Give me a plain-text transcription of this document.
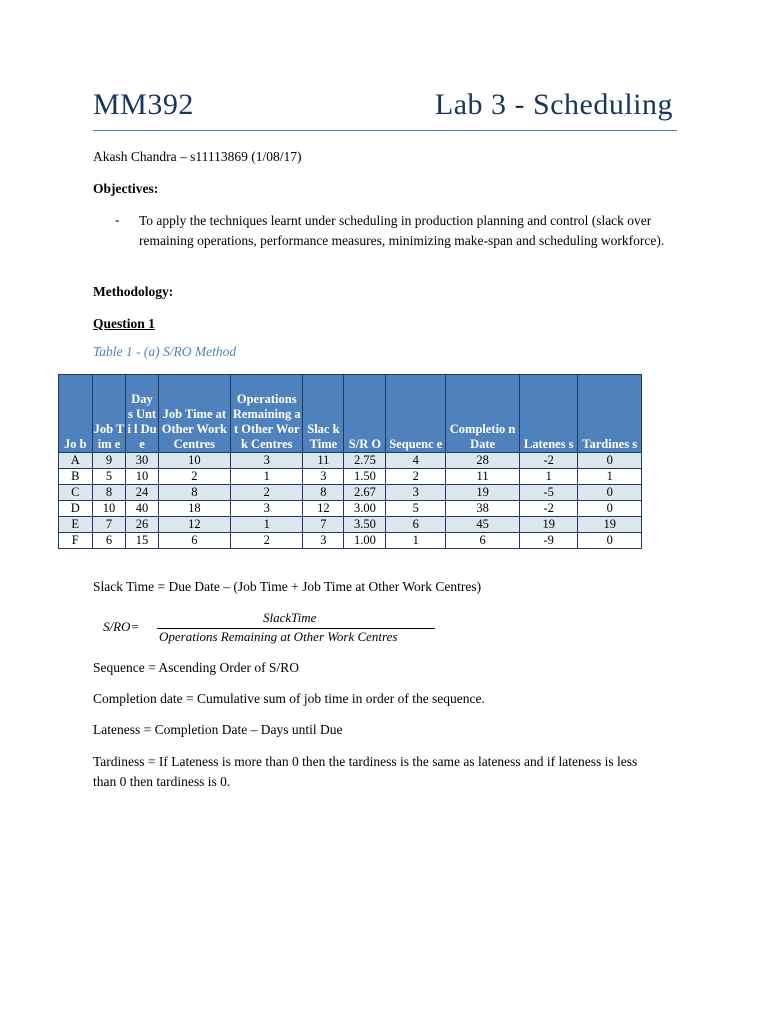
MM392	Lab 3 - Scheduling
Akash Chandra – s11113869 (1/08/17)
Objectives:
- To apply the techniques learnt under scheduling in production planning and control (slack over remaining operations, performance measures, minimizing make-span and scheduling workforce).
Methodology:
Question 1
Table 1 - (a) S/RO Method
Jo b	Job Tim e	Day s Unti l Due	Job Time at Other Work Centres	Operations Remaining at Other Work Centres	Slac k Time	S/R O	Sequenc e	Completio n Date	Latenes s	Tardines s
A	9	30	10	3	11	2.75	4	28	-2	0
B	5	10	2	1	3	1.50	2	11	1	1
C	8	24	8	2	8	2.67	3	19	-5	0
D	10	40	18	3	12	3.00	5	38	-2	0
E	7	26	12	1	7	3.50	6	45	19	19
F	6	15	6	2	3	1.00	1	6	-9	0
Slack Time = Due Date – (Job Time + Job Time at Other Work Centres)
S/RO=
SlackTime
Operations Remaining at Other Work Centres
Sequence = Ascending Order of S/RO
Completion date = Cumulative sum of job time in order of the sequence.
Lateness = Completion Date – Days until Due
Tardiness = If Lateness is more than 0 then the tardiness is the same as lateness and if lateness is less than 0 then tardiness is 0.
